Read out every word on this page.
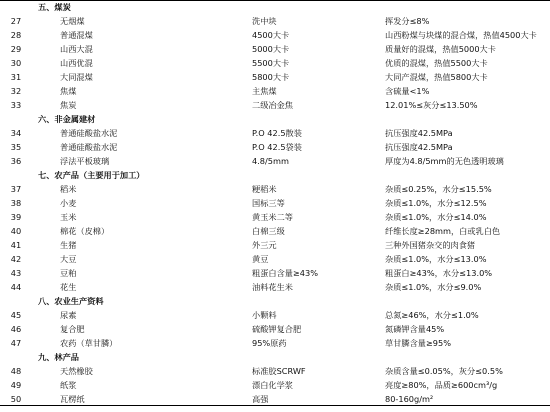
五、煤炭
27	无烟煤	洗中块	挥发分≤8%
28	普通混煤	4500大卡	山西粉煤与块煤的混合煤，热值4500大卡
29	山西大混	5000大卡	质量好的混煤，热值5000大卡
30	山西优混	5500大卡	优质的混煤，热值5500大卡
31	大同混煤	5800大卡	大同产混煤，热值5800大卡
32	焦煤	主焦煤	含硫量<1%
33	焦炭	二级冶金焦	12.01%≤灰分≤13.50%
六、非金属建材
34	普通硅酸盐水泥	P.O 42.5散装	抗压强度42.5MPa
35	普通硅酸盐水泥	P.O 42.5袋装	抗压强度42.5MPa
36	浮法平板玻璃	4.8/5mm	厚度为4.8/5mm的无色透明玻璃
七、农产品（主要用于加工）
37	稻米	粳稻米	杂质≤0.25%，水分≤15.5%
38	小麦	国标三等	杂质≤1.0%，水分≤12.5%
39	玉米	黄玉米二等	杂质≤1.0%，水分≤14.0%
40	棉花（皮棉）	白棉三级	纤维长度≥28mm，白或乳白色
41	生猪	外三元	三种外国猪杂交的肉食猪
42	大豆	黄豆	杂质≤1.0%，水分≤13.0%
43	豆粕	粗蛋白含量≥43%	粗蛋白≥43%，水分≤13.0%
44	花生	油料花生米	杂质≤1.0%，水分≤9.0%
八、农业生产资料
45	尿素	小颗料	总氮≥46%，水分≤1.0%
46	复合肥	硫酸钾复合肥	氮磷钾含量45%
47	农药（草甘膦）	95%原药	草甘膦含量≥95%
九、林产品
48	天然橡胶	标准胶SCRWF	杂质含量≤0.05%，灰分≤0.5%
49	纸浆	漂白化学浆	亮度≥80%，品质≥600cm³/g
50	瓦楞纸	高强	80-160g/m²
